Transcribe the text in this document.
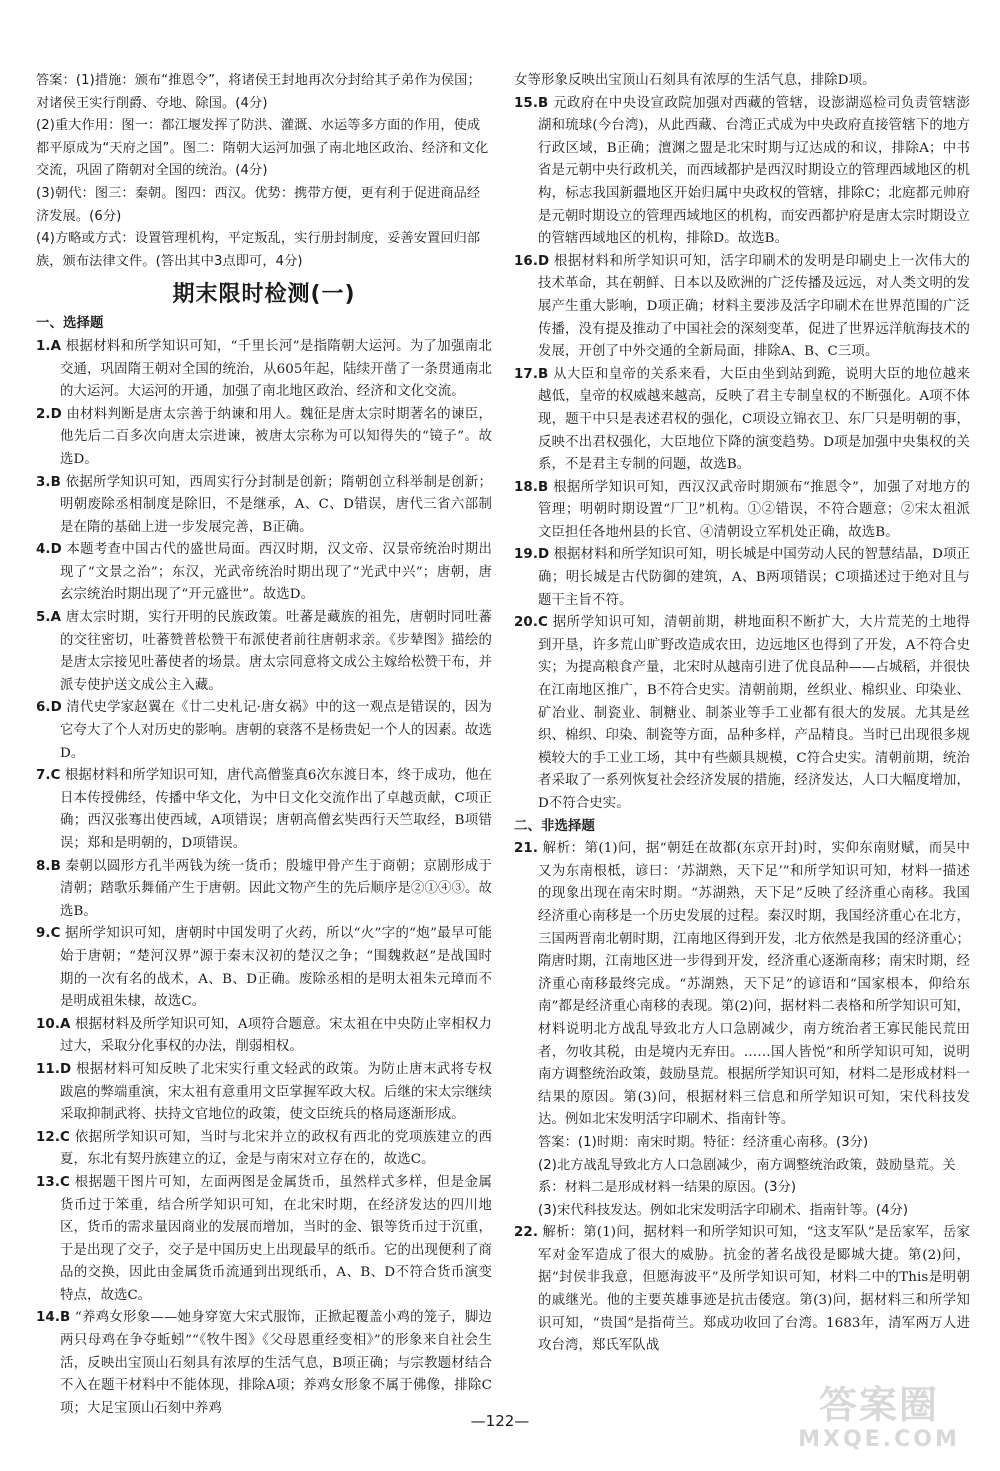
答案：(1)措施：颁布“推恩令”，将诸侯王封地再次分封给其子弟作为侯国；对诸侯王实行削爵、夺地、除国。(4分)

(2)重大作用：图一：都江堰发挥了防洪、灌溉、水运等多方面的作用，使成都平原成为“天府之国”。图二：隋朝大运河加强了南北地区政治、经济和文化交流，巩固了隋朝对全国的统治。(4分)

(3)朝代：图三：秦朝。图四：西汉。优势：携带方便，更有利于促进商品经济发展。(6分)

(4)方略或方式：设置管理机构，平定叛乱，实行册封制度，妥善安置回归部族，颁布法律文件。(答出其中3点即可，4分)

期末限时检测(一)

一、选择题

1.A 根据材料和所学知识可知，“千里长河”是指隋朝大运河。为了加强南北交通，巩固隋王朝对全国的统治，从605年起，陆续开凿了一条贯通南北的大运河。大运河的开通，加强了南北地区政治、经济和文化交流。

2.D 由材料判断是唐太宗善于纳谏和用人。魏征是唐太宗时期著名的谏臣，他先后二百多次向唐太宗进谏，被唐太宗称为可以知得失的“镜子”。故选D。

3.B 依据所学知识可知，西周实行分封制是创新；隋朝创立科举制是创新；明朝废除丞相制度是除旧，不是继承，A、C、D错误，唐代三省六部制是在隋的基础上进一步发展完善，B正确。

4.D 本题考查中国古代的盛世局面。西汉时期，汉文帝、汉景帝统治时期出现了“文景之治”；东汉，光武帝统治时期出现了“光武中兴”；唐朝，唐玄宗统治时期出现了“开元盛世”。故选D。

5.A 唐太宗时期，实行开明的民族政策。吐蕃是藏族的祖先，唐朝时同吐蕃的交往密切，吐蕃赞普松赞干布派使者前往唐朝求亲。《步辇图》描绘的是唐太宗接见吐蕃使者的场景。唐太宗同意将文成公主嫁给松赞干布，并派专使护送文成公主入藏。

6.D 清代史学家赵翼在《廿二史札记·唐女祸》中的这一观点是错误的，因为它夸大了个人对历史的影响。唐朝的衰落不是杨贵妃一个人的因素。故选D。

7.C 根据材料和所学知识可知，唐代高僧鉴真6次东渡日本，终于成功，他在日本传授佛经，传播中华文化，为中日文化交流作出了卓越贡献，C项正确；西汉张骞出使西域，A项错误；唐朝高僧玄奘西行天竺取经，B项错误；郑和是明朝的，D项错误。

8.B 秦朝以圆形方孔半两钱为统一货币；殷墟甲骨产生于商朝；京剧形成于清朝；踏歌乐舞俑产生于唐朝。因此文物产生的先后顺序是②①④③。故选B。

9.C 据所学知识可知，唐朝时中国发明了火药，所以“火”字的“炮”最早可能始于唐朝；“楚河汉界”源于秦末汉初的楚汉之争；“围魏救赵”是战国时期的一次有名的战术，A、B、D正确。废除丞相的是明太祖朱元璋而不是明成祖朱棣，故选C。

10.A 根据材料及所学知识可知，A项符合题意。宋太祖在中央防止宰相权力过大，采取分化事权的办法，削弱相权。

11.D 根据材料可知反映了北宋实行重文轻武的政策。为防止唐末武将专权跋扈的弊端重演，宋太祖有意重用文臣掌握军政大权。后继的宋太宗继续采取抑制武将、扶持文官地位的政策，使文臣统兵的格局逐渐形成。

12.C 依据所学知识可知，当时与北宋并立的政权有西北的党项族建立的西夏，东北有契丹族建立的辽，金是与南宋对立存在的，故选C。

13.C 根据题干图片可知，左面两图是金属货币，虽然样式多样，但是金属货币过于笨重，结合所学知识可知，在北宋时期，在经济发达的四川地区，货币的需求量因商业的发展而增加，当时的金、银等货币过于沉重，于是出现了交子，交子是中国历史上出现最早的纸币。它的出现便利了商品的交换，因此由金属货币流通到出现纸币，A、B、D不符合货币演变特点，故选C。

14.B “养鸡女形象——她身穿宽大宋式服饰，正掀起覆盖小鸡的笼子，脚边两只母鸡在争夺蚯蚓”“《牧牛图》《父母恩重经变相》”的形象来自社会生活，反映出宝顶山石刻具有浓厚的生活气息，B项正确；与宗教题材结合不入在题干材料中不能体现，排除A项；养鸡女形象不属于佛像，排除C项；大足宝顶山石刻中养鸡

女等形象反映出宝顶山石刻具有浓厚的生活气息，排除D项。

15.B 元政府在中央设宣政院加强对西藏的管辖，设澎湖巡检司负责管辖澎湖和琉球(今台湾)，从此西藏、台湾正式成为中央政府直接管辖下的地方行政区域，B正确；澶渊之盟是北宋时期与辽达成的和议，排除A；中书省是元朝中央行政机关，而西域都护是西汉时期设立的管理西域地区的机构，标志我国新疆地区开始归属中央政权的管辖，排除C；北庭都元帅府是元朝时期设立的管理西域地区的机构，而安西都护府是唐太宗时期设立的管辖西域地区的机构，排除D。故选B。

16.D 根据材料和所学知识可知，活字印刷术的发明是印刷史上一次伟大的技术革命，其在朝鲜、日本以及欧洲的广泛传播及远远，对人类文明的发展产生重大影响，D项正确；材料主要涉及活字印刷术在世界范围的广泛传播，没有提及推动了中国社会的深刻变革，促进了世界远洋航海技术的发展，开创了中外交通的全新局面，排除A、B、C三项。

17.B 从大臣和皇帝的关系来看，大臣由坐到站到跪，说明大臣的地位越来越低，皇帝的权威越来越高，反映了君主专制皇权的不断强化。A项不体现，题干中只是表述君权的强化，C项设立锦衣卫、东厂只是明朝的事，反映不出君权强化，大臣地位下降的演变趋势。D项是加强中央集权的关系，不是君主专制的问题，故选B。

18.B 根据所学知识可知，西汉汉武帝时期颁布“推恩令”，加强了对地方的管理；明朝时期设置“厂卫”机构。①②错误，不符合题意；②宋太祖派文臣担任各地州县的长官、④清朝设立军机处正确，故选B。

19.D 根据材料和所学知识可知，明长城是中国劳动人民的智慧结晶，D项正确；明长城是古代防御的建筑，A、B两项错误；C项描述过于绝对且与题干主旨不符。

20.C 据所学知识可知，清朝前期，耕地面积不断扩大，大片荒芜的土地得到开垦，许多荒山旷野改造成农田，边远地区也得到了开发，A不符合史实；为提高粮食产量，北宋时从越南引进了优良品种——占城稻，并很快在江南地区推广，B不符合史实。清朝前期，丝织业、棉织业、印染业、矿冶业、制瓷业、制糖业、制茶业等手工业都有很大的发展。尤其是丝织、棉织、印染、制瓷等方面，品种多样，产品精良。当时已出现很多规模较大的手工业工场，其中有些颇具规模，C符合史实。清朝前期，统治者采取了一系列恢复社会经济发展的措施，经济发达，人口大幅度增加，D不符合史实。

二、非选择题

21. 解析：第(1)问，据“朝廷在故都(东京开封)时，实仰东南财赋，而吴中又为东南根柢，谚曰：‘苏湖熟，天下足’”和所学知识可知，材料一描述的现象出现在南宋时期。“苏湖熟，天下足”反映了经济重心南移。我国经济重心南移是一个历史发展的过程。秦汉时期，我国经济重心在北方，三国两晋南北朝时期，江南地区得到开发，北方依然是我国的经济重心；隋唐时期，江南地区进一步得到开发，经济重心逐渐南移；南宋时期，经济重心南移最终完成。“苏湖熟，天下足”的谚语和“国家根本，仰给东南”都是经济重心南移的表现。第(2)问，据材料二表格和所学知识可知，材料说明北方战乱导致北方人口急剧减少，南方统治者王寡民能民荒田者，勿收其税，由是境内无弃田。……国人皆悦”和所学知识可知，说明南方调整统治政策，鼓励垦荒。根据所学知识可知，材料二是形成材料一结果的原因。第(3)问，根据材料三信息和所学知识可知，宋代科技发达。例如北宋发明活字印刷术、指南针等。

答案：(1)时期：南宋时期。特征：经济重心南移。(3分)

(2)北方战乱导致北方人口急剧减少，南方调整统治政策，鼓励垦荒。关系：材料二是形成材料一结果的原因。(3分)

(3)宋代科技发达。例如北宋发明活字印刷术、指南针等。(4分)

22. 解析：第(1)问，据材料一和所学知识可知，“这支军队”是岳家军，岳家军对金军造成了很大的威胁。抗金的著名战役是郾城大捷。第(2)问，据“封侯非我意，但愿海波平”及所学知识可知，材料二中的This是明朝的戚继光。他的主要英雄事迹是抗击倭寇。第(3)问，据材料三和所学知识可知，“贵国”是指荷兰。郑成功收回了台湾。1683年，清军两万人进攻台湾，郑氏军队战

—122—	答案圈
MXQE.COM
